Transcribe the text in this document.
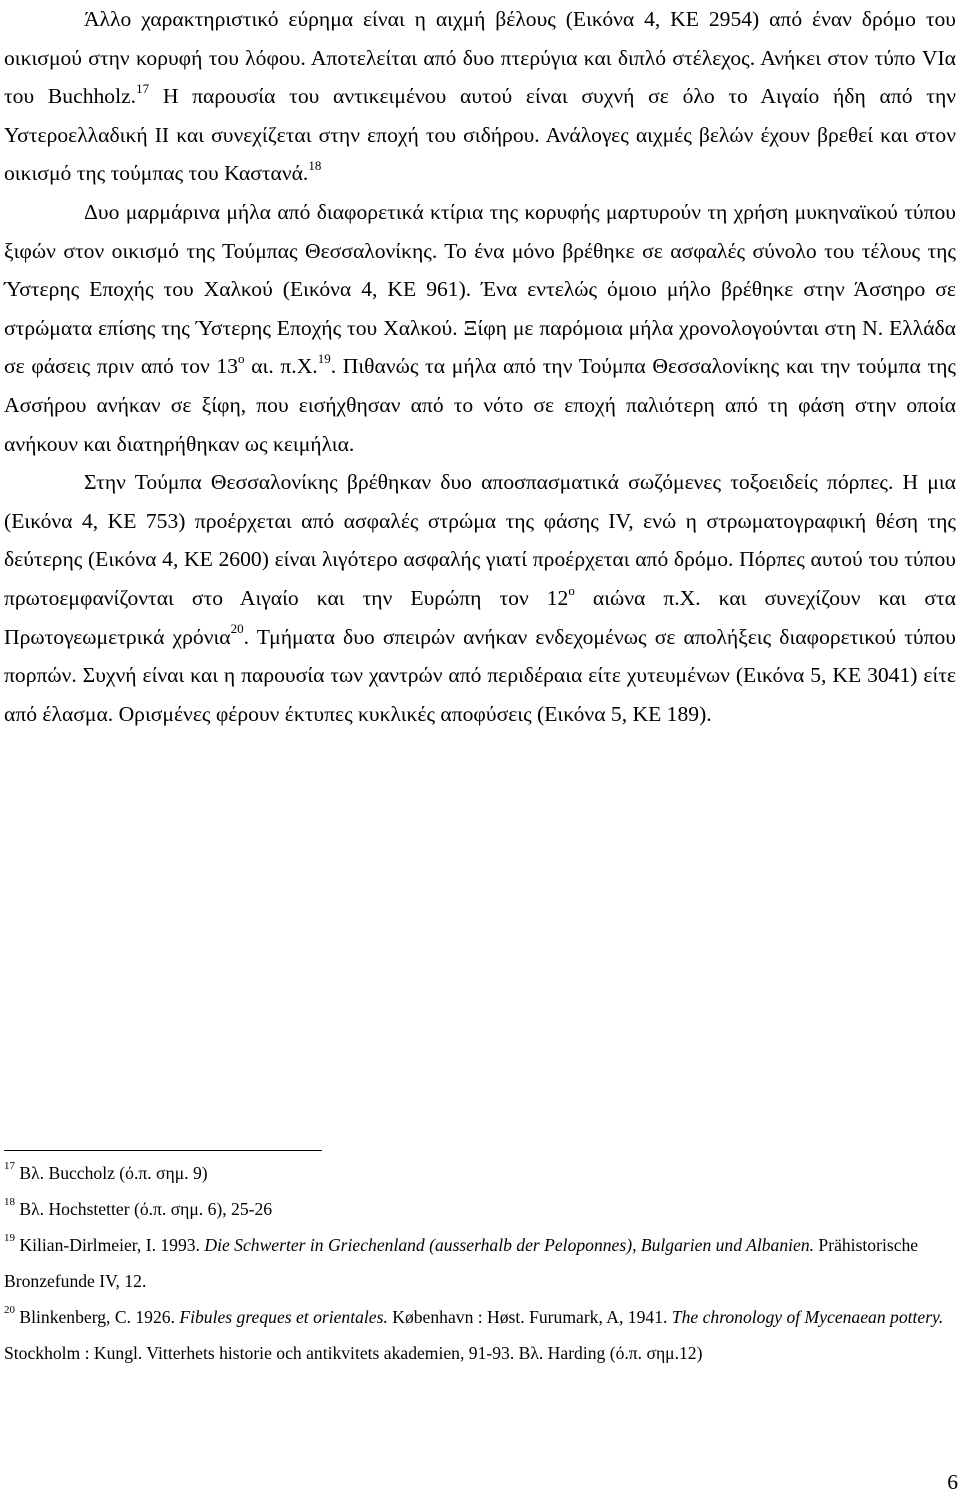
Άλλο χαρακτηριστικό εύρημα είναι η αιχμή βέλους (Εικόνα 4, ΚΕ 2954) από έναν δρόμο του οικισμού στην κορυφή του λόφου. Αποτελείται από δυο πτερύγια και διπλό στέλεχος. Ανήκει στον τύπο VIα του Buchholz.$^{17}$ Η παρουσία του αντικειμένου αυτού είναι συχνή σε όλο το Αιγαίο ήδη από την Υστεροελλαδική ΙΙ και συνεχίζεται στην εποχή του σιδήρου. Ανάλογες αιχμές βελών έχουν βρεθεί και στον οικισμό της τούμπας του Καστανά.$^{18}$

Δυο μαρμάρινα μήλα από διαφορετικά κτίρια της κορυφής μαρτυρούν τη χρήση μυκηναϊκού τύπου ξιφών στον οικισμό της Τούμπας Θεσσαλονίκης. Το ένα μόνο βρέθηκε σε ασφαλές σύνολο του τέλους της Ύστερης Εποχής του Χαλκού (Εικόνα 4, ΚΕ 961). Ένα εντελώς όμοιο μήλο βρέθηκε στην Άσσηρο σε στρώματα επίσης της Ύστερης Εποχής του Χαλκού. Ξίφη με παρόμοια μήλα χρονολογούνται στη Ν. Ελλάδα σε φάσεις πριν από τον $13^o$ αι. π.Χ.$^{19}$. Πιθανώς τα μήλα από την Τούμπα Θεσσαλονίκης και την τούμπα της Ασσήρου ανήκαν σε ξίφη, που εισήχθησαν από το νότο σε εποχή παλιότερη από τη φάση στην οποία ανήκουν και διατηρήθηκαν ως κειμήλια.

Στην Τούμπα Θεσσαλονίκης βρέθηκαν δυο αποσπασματικά σωζόμενες τοξοειδείς πόρπες. Η μια (Εικόνα 4, ΚΕ 753) προέρχεται από ασφαλές στρώμα της φάσης IV, ενώ η στρωματογραφική θέση της δεύτερης (Εικόνα 4, ΚΕ 2600) είναι λιγότερο ασφαλής γιατί προέρχεται από δρόμο. Πόρπες αυτού του τύπου πρωτοεμφανίζονται στο Αιγαίο και την Ευρώπη τον $12^o$ αιώνα π.Χ. και συνεχίζουν και στα Πρωτογεωμετρικά χρόνια$^{20}$. Τμήματα δυο σπειρών ανήκαν ενδεχομένως σε απολήξεις διαφορετικού τύπου πορπών. Συχνή είναι και η παρουσία των χαντρών από περιδέραια είτε χυτευμένων (Εικόνα 5, ΚΕ 3041) είτε από έλασμα. Ορισμένες φέρουν έκτυπες κυκλικές αποφύσεις (Εικόνα 5, ΚΕ 189).

$^{17}$ Βλ. Buccholz (ό.π. σημ. 9)

$^{18}$ Βλ. Hochstetter (ό.π. σημ. 6), 25-26

$^{19}$ Kilian-Dirlmeier, I. 1993. Die Schwerter in Griechenland (ausserhalb der Peloponnes), Bulgarien und Albanien. Prähistorische Bronzefunde IV, 12.

$^{20}$ Blinkenberg, C. 1926. Fibules greques et orientales. København : Høst. Furumark, A, 1941. The chronology of Mycenaean pottery. Stockholm : Kungl. Vitterhets historie och antikvitets akademien, 91-93. Βλ. Harding (ό.π. σημ.12)

6
